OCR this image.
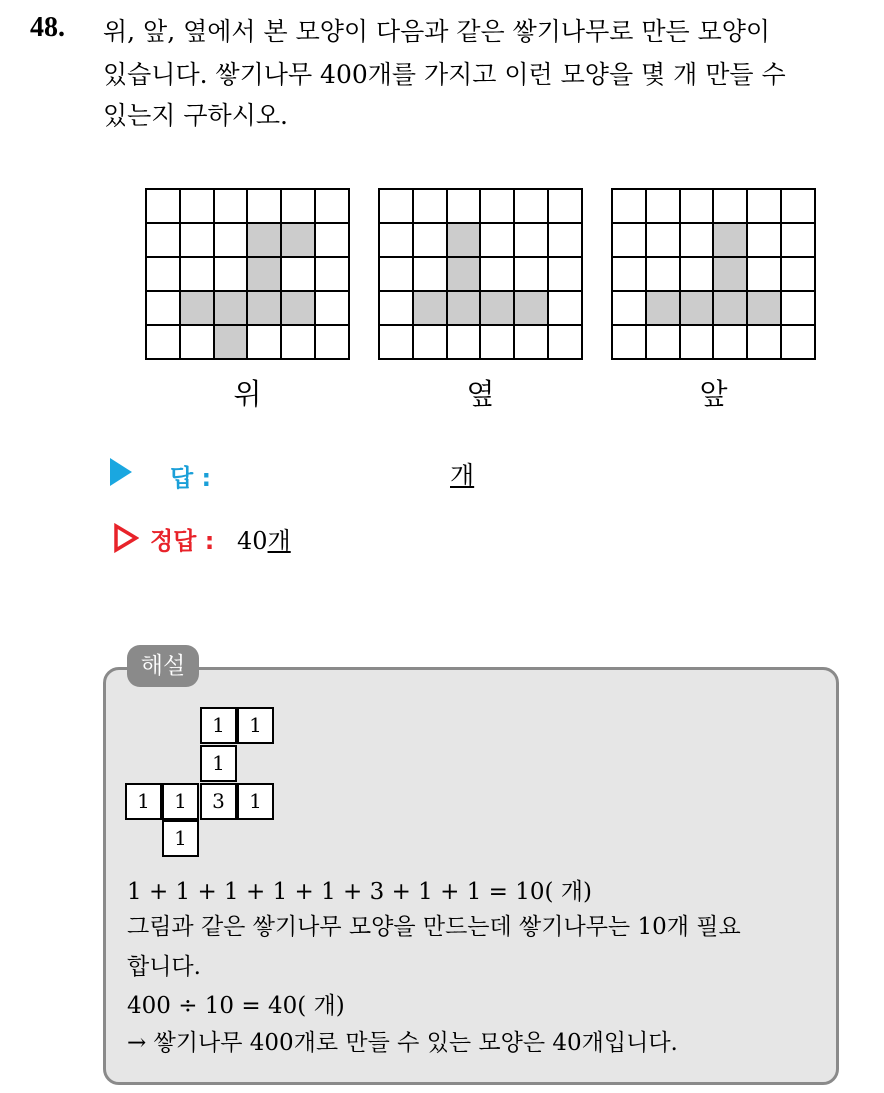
48. 위, 앞, 옆에서 본 모양이 다음과 같은 쌓기나무로 만든 모양이
있습니다. 쌓기나무 400개를 가지고 이런 모양을 몇 개 만들 수
있는지 구하시오.

위	옆	앞
답 :	개
정답 : 40개
해설
1	1
1
1	1	3	1
1
1 + 1 + 1 + 1 + 1 + 3 + 1 + 1 = 10( 개)
그림과 같은 쌓기나무 모양을 만드는데 쌓기나무는 10개 필요
합니다.
400 ÷ 10 = 40( 개)
→ 쌓기나무 400개로 만들 수 있는 모양은 40개입니다.
